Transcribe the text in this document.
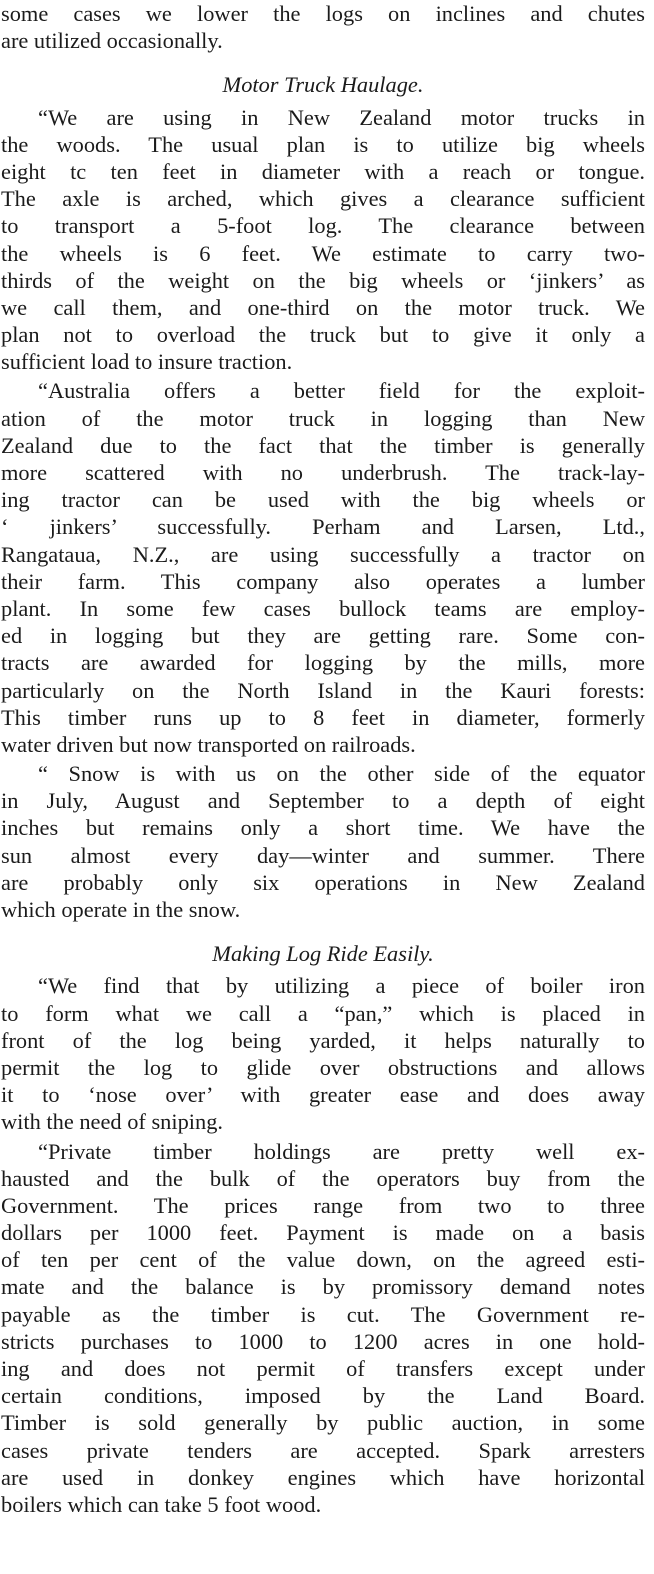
some cases we lower the logs on inclines and chutes
are utilized occasionally.
Motor Truck Haulage.
“We are using in New Zealand motor trucks in
the woods. The usual plan is to utilize big wheels
eight tc ten feet in diameter with a reach or tongue.
The axle is arched, which gives a clearance sufficient
to transport a 5-foot log. The clearance between
the wheels is 6 feet. We estimate to carry two-
thirds of the weight on the big wheels or ‘jinkers’ as
we call them, and one-third on the motor truck. We
plan not to overload the truck but to give it only a
sufficient load to insure traction.
“Australia offers a better field for the exploit-
ation of the motor truck in logging than New
Zealand due to the fact that the timber is generally
more scattered with no underbrush. The track-lay-
ing tractor can be used with the big wheels or
‘ jinkers’ successfully. Perham and Larsen, Ltd.,
Rangataua, N.Z., are using successfully a tractor on
their farm. This company also operates a lumber
plant. In some few cases bullock teams are employ-
ed in logging but they are getting rare. Some con-
tracts are awarded for logging by the mills, more
particularly on the North Island in the Kauri forests:
This timber runs up to 8 feet in diameter, formerly
water driven but now transported on railroads.
“ Snow is with us on the other side of the equator
in July, August and September to a depth of eight
inches but remains only a short time. We have the
sun almost every day—winter and summer. There
are probably only six operations in New Zealand
which operate in the snow.
Making Log Ride Easily.
“We find that by utilizing a piece of boiler iron
to form what we call a “pan,” which is placed in
front of the log being yarded, it helps naturally to
permit the log to glide over obstructions and allows
it to ‘nose over’ with greater ease and does away
with the need of sniping.
“Private timber holdings are pretty well ex-
hausted and the bulk of the operators buy from the
Government. The prices range from two to three
dollars per 1000 feet. Payment is made on a basis
of ten per cent of the value down, on the agreed esti-
mate and the balance is by promissory demand notes
payable as the timber is cut. The Government re-
stricts purchases to 1000 to 1200 acres in one hold-
ing and does not permit of transfers except under
certain conditions, imposed by the Land Board.
Timber is sold generally by public auction, in some
cases private tenders are accepted. Spark arresters
are used in donkey engines which have horizontal
boilers which can take 5 foot wood.
